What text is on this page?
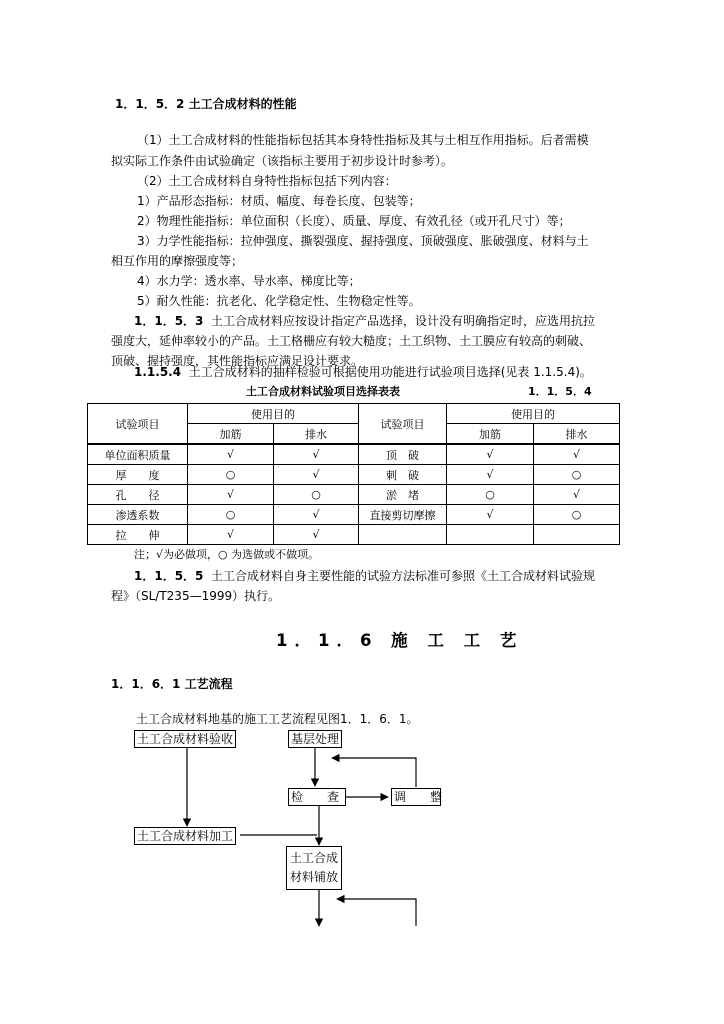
1．1．5．2 土工合成材料的性能
（1）土工合成材料的性能指标包括其本身特性指标及其与土相互作用指标。后者需模
拟实际工作条件由试验确定（该指标主要用于初步设计时参考）。
（2）土工合成材料自身特性指标包括下列内容：
1）产品形态指标：材质、幅度、每卷长度、包装等；
2）物理性能指标：单位面积（长度）、质量、厚度、有效孔径（或开孔尺寸）等；
3）力学性能指标：拉伸强度、撕裂强度、握持强度、顶破强度、胀破强度、材料与土
相互作用的摩擦强度等；
4）水力学：透水率、导水率、梯度比等；
5）耐久性能：抗老化、化学稳定性、生物稳定性等。
1．1．5．3 土工合成材料应按设计指定产品选择，设计没有明确指定时，应选用抗拉
强度大，延伸率较小的产品。土工格栅应有较大糙度；土工织物、土工膜应有较高的刺破、
顶破、握持强度，其性能指标应满足设计要求。
1.1.5.4 土工合成材料的抽样检验可根据使用功能进行试验项目选择(见表 1.1.5.4)。
土工合成材料试验项目选择表表	1．1．5．4
试验项目	使用目的		试验项目	使用目的	
	加筋	排水		加筋	排水
单位面积质量	√	√	顶　破	√	√
厚　　度	○	√	刺　破	√	○
孔　　径	√	○	淤　堵	○	√
渗透系数	○	√	直接剪切摩擦	√	○
拉　　伸	√	√			
注；√为必做项，○ 为选做或不做项。
1．1．5．5 土工合成材料自身主要性能的试验方法标准可参照《土工合成材料试验规
程》（SL/T235—1999）执行。
1．1．6 施 工 工 艺
1．1．6．1 工艺流程
土工合成材料地基的施工工艺流程见图1．1．6．1。
土工合成材料验收	基层处理
检　　查	调　　整
土工合成材料加工
土工合成
材料铺放
